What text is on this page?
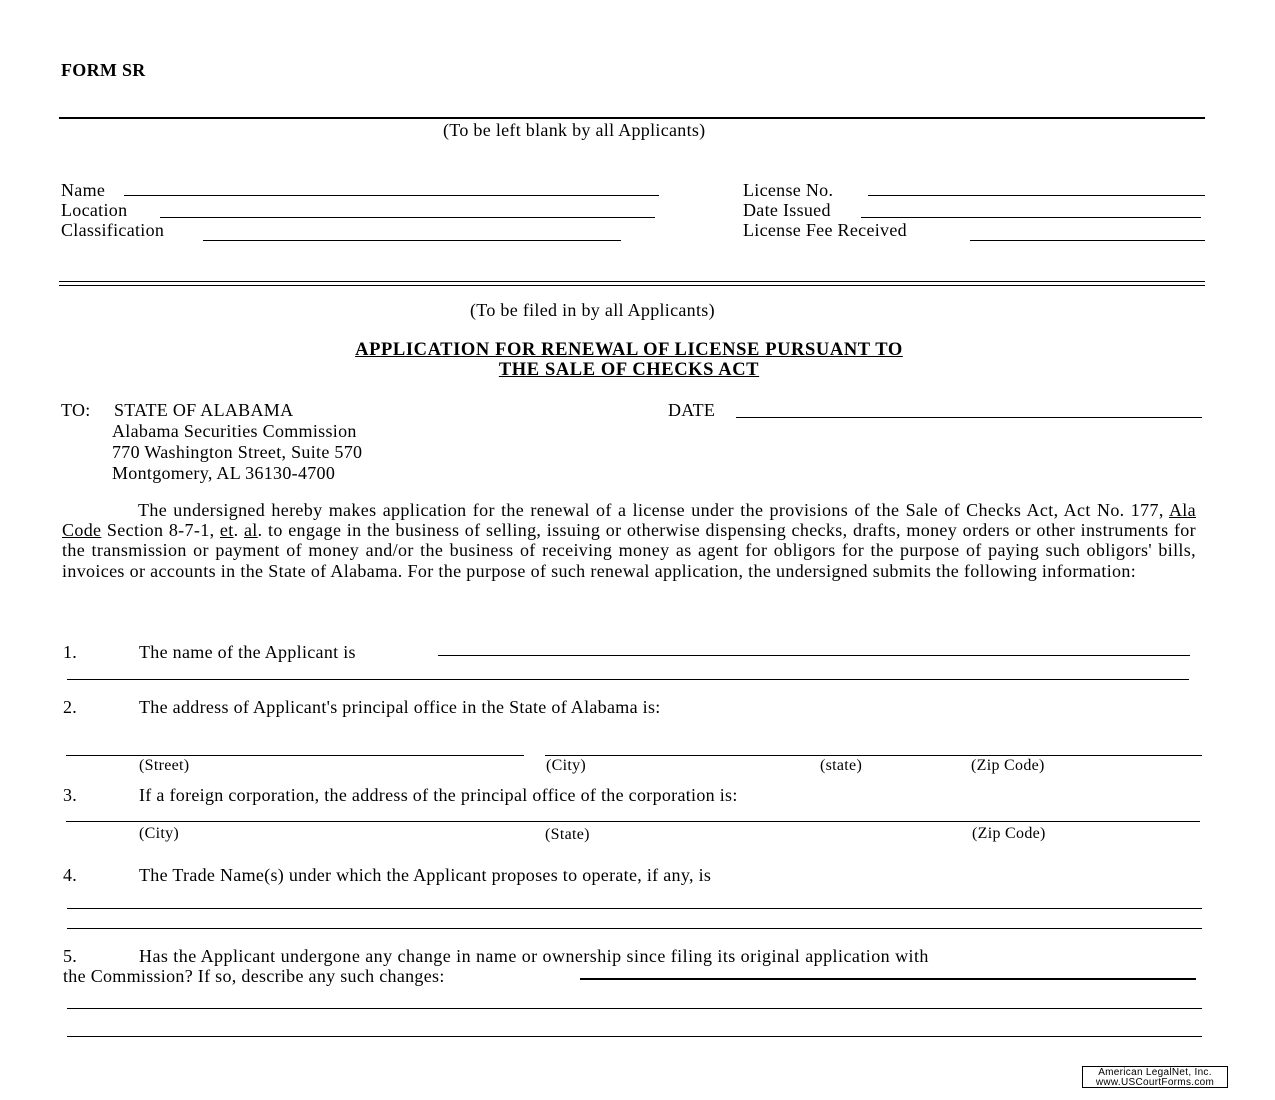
FORM SR
(To be left blank by all Applicants)
Name
Location
Classification
License No.
Date Issued
License Fee Received
(To be filed in by all Applicants)
APPLICATION FOR RENEWAL OF LICENSE PURSUANT TO
THE SALE OF CHECKS ACT
TO: STATE OF ALABAMA
Alabama Securities Commission
770 Washington Street, Suite 570
Montgomery, AL 36130-4700
DATE
The undersigned hereby makes application for the renewal of a license under the provisions of the Sale of Checks Act, Act No. 177, Ala Code Section 8-7-1, et. al. to engage in the business of selling, issuing or otherwise dispensing checks, drafts, money orders or other instruments for the transmission or payment of money and/or the business of receiving money as agent for obligors for the purpose of paying such obligors' bills, invoices or accounts in the State of Alabama. For the purpose of such renewal application, the undersigned submits the following information:
1.	The name of the Applicant is
2.	The address of Applicant's principal office in the State of Alabama is:
(Street)	(City)	(state)	(Zip Code)
3.	If a foreign corporation, the address of the principal office of the corporation is:
(City)	(State)	(Zip Code)
4.	The Trade Name(s) under which the Applicant proposes to operate, if any, is
5.	Has the Applicant undergone any change in name or ownership since filing its original application with
the Commission? If so, describe any such changes:
American LegalNet, Inc.
www.USCourtForms.com
